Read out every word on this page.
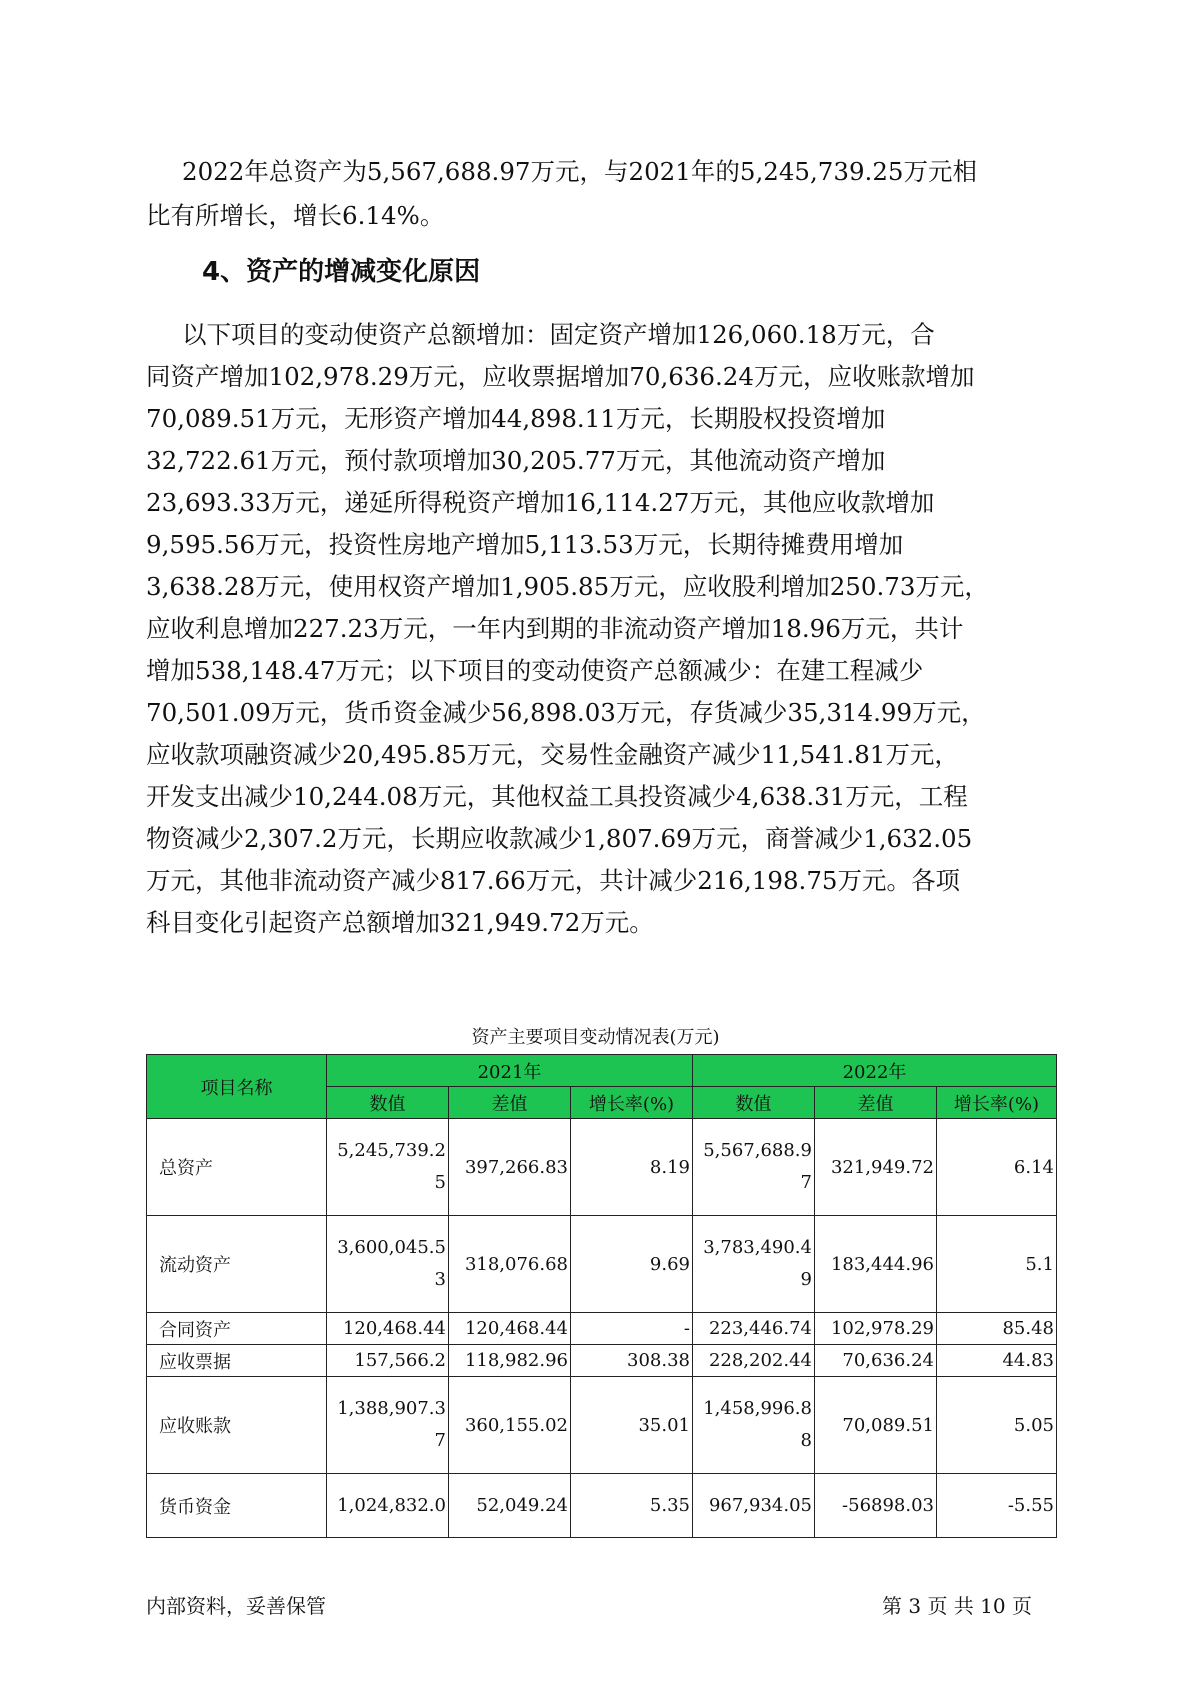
2022年总资产为5,567,688.97万元，与2021年的5,245,739.25万元相
比有所增长，增长6.14%。
4、资产的增减变化原因
以下项目的变动使资产总额增加：固定资产增加126,060.18万元，合
同资产增加102,978.29万元，应收票据增加70,636.24万元，应收账款增加
70,089.51万元，无形资产增加44,898.11万元，长期股权投资增加
32,722.61万元，预付款项增加30,205.77万元，其他流动资产增加
23,693.33万元，递延所得税资产增加16,114.27万元，其他应收款增加
9,595.56万元，投资性房地产增加5,113.53万元，长期待摊费用增加
3,638.28万元，使用权资产增加1,905.85万元，应收股利增加250.73万元，
应收利息增加227.23万元，一年内到期的非流动资产增加18.96万元，共计
增加538,148.47万元；以下项目的变动使资产总额减少：在建工程减少
70,501.09万元，货币资金减少56,898.03万元，存货减少35,314.99万元，
应收款项融资减少20,495.85万元，交易性金融资产减少11,541.81万元，
开发支出减少10,244.08万元，其他权益工具投资减少4,638.31万元，工程
物资减少2,307.2万元，长期应收款减少1,807.69万元，商誉减少1,632.05
万元，其他非流动资产减少817.66万元，共计减少216,198.75万元。各项
科目变化引起资产总额增加321,949.72万元。
资产主要项目变动情况表(万元)
项目名称	2021年			2022年		
	数值	差值	增长率(%)	数值	差值	增长率(%)
总资产	5,245,739.25	397,266.83	8.19	5,567,688.97	321,949.72	6.14
流动资产	3,600,045.53	318,076.68	9.69	3,783,490.49	183,444.96	5.1
合同资产	120,468.44	120,468.44	-	223,446.74	102,978.29	85.48
应收票据	157,566.2	118,982.96	308.38	228,202.44	70,636.24	44.83
应收账款	1,388,907.37	360,155.02	35.01	1,458,996.88	70,089.51	5.05
货币资金	1,024,832.0	52,049.24	5.35	967,934.05	-56898.03	-5.55
内部资料，妥善保管	第 3 页 共 10 页
